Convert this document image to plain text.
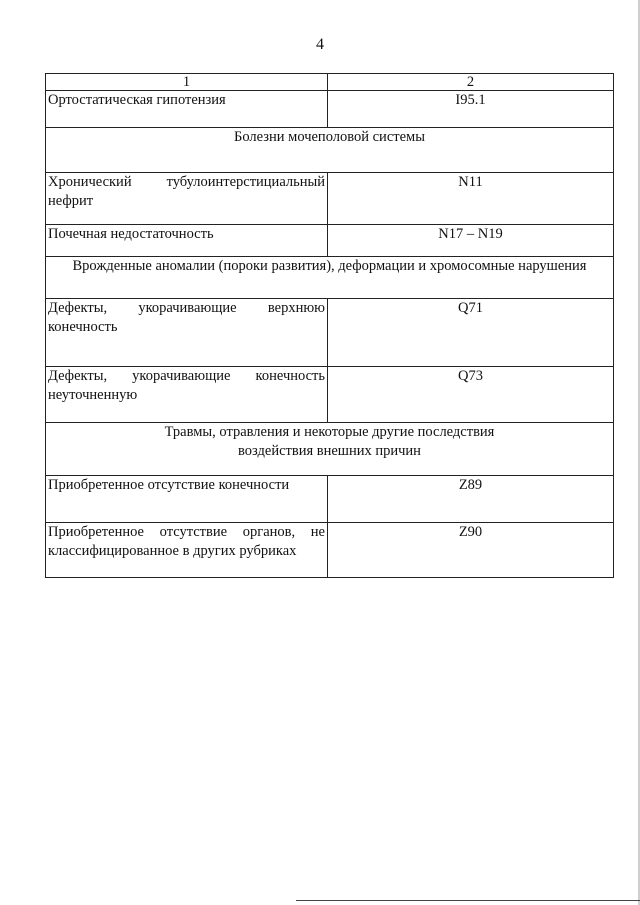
4
1	2
Ортостатическая гипотензия	I95.1
Болезни мочеполовой системы	
Хронический тубулоинтерстициальный нефрит	N11
Почечная недостаточность	N17 – N19
Врожденные аномалии (пороки развития), деформации и хромосомные нарушения	
Дефекты, укорачивающие верхнюю конечность	Q71
Дефекты, укорачивающие конечность неуточненную	Q73

Травмы, отравления и некоторые другие последствия
воздействия внешних причин	

Приобретенное отсутствие конечности	Z89
Приобретенное отсутствие органов, не классифицированное в других рубриках	Z90
